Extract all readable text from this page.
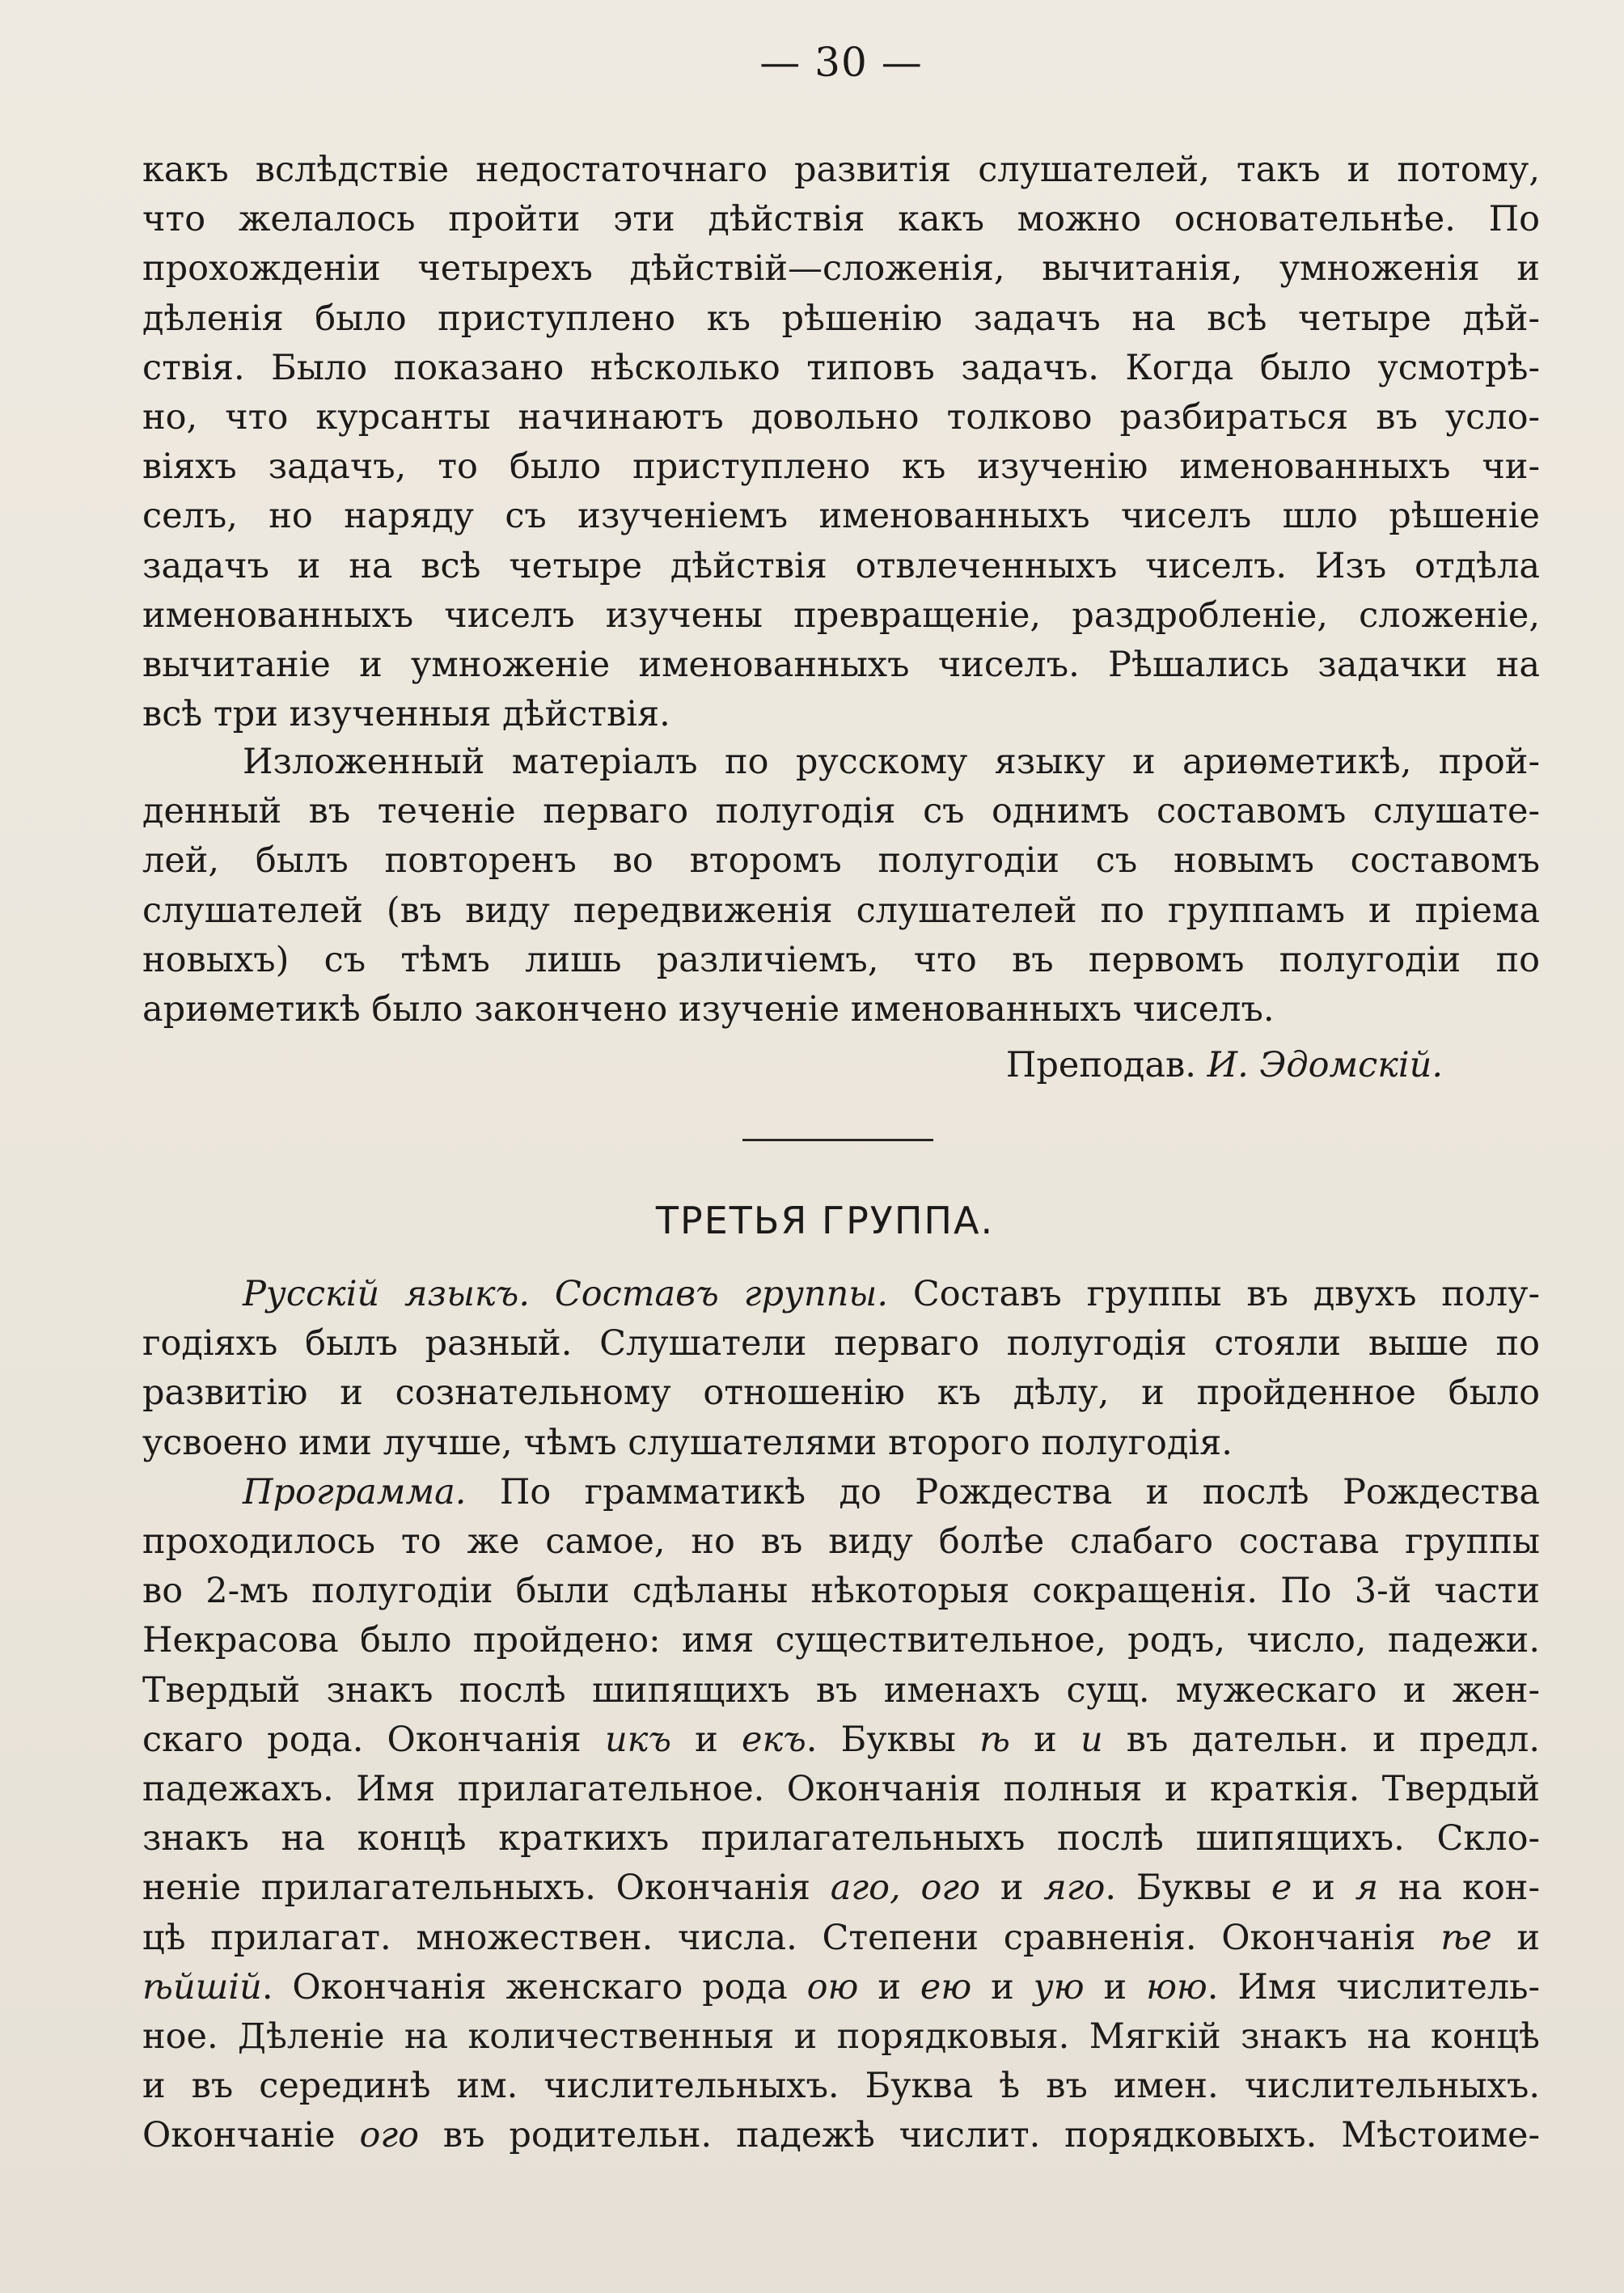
— 30 —
какъ вслѣдствіе недостаточнаго развитія слушателей, такъ и потому,
что желалось пройти эти дѣйствія какъ можно основательнѣе. По
прохожденіи четырехъ дѣйствій—сложенія, вычитанія, умноженія и
дѣленія было приступлено къ рѣшенію задачъ на всѣ четыре дѣй-
ствія. Было показано нѣсколько типовъ задачъ. Когда было усмотрѣ-
но, что курсанты начинаютъ довольно толково разбираться въ усло-
віяхъ задачъ, то было приступлено къ изученію именованныхъ чи-
селъ, но наряду съ изученіемъ именованныхъ чиселъ шло рѣшеніе
задачъ и на всѣ четыре дѣйствія отвлеченныхъ чиселъ. Изъ отдѣла
именованныхъ чиселъ изучены превращеніе, раздробленіе, сложеніе,
вычитаніе и умноженіе именованныхъ чиселъ. Рѣшались задачки на
всѣ три изученныя дѣйствія.
Изложенный матеріалъ по русскому языку и ариѳметикѣ, прой-
денный въ теченіе перваго полугодія съ однимъ составомъ слушате-
лей, былъ повторенъ во второмъ полугодіи съ новымъ составомъ
слушателей (въ виду передвиженія слушателей по группамъ и пріема
новыхъ) съ тѣмъ лишь различіемъ, что въ первомъ полугодіи по
ариѳметикѣ было закончено изученіе именованныхъ чиселъ.
Преподав. И. Эдомскій.
ТРЕТЬЯ ГРУППА.
Русскій языкъ. Составъ группы. Составъ группы въ двухъ полу-
годіяхъ былъ разный. Слушатели перваго полугодія стояли выше по
развитію и сознательному отношенію къ дѣлу, и пройденное было
усвоено ими лучше, чѣмъ слушателями второго полугодія.
Программа. По грамматикѣ до Рождества и послѣ Рождества
проходилось то же самое, но въ виду болѣе слабаго состава группы
во 2-мъ полугодіи были сдѣланы нѣкоторыя сокращенія. По 3-й части
Некрасова было пройдено: имя существительное, родъ, число, падежи.
Твердый знакъ послѣ шипящихъ въ именахъ сущ. мужескаго и жен-
скаго рода. Окончанія икъ и екъ. Буквы ѣ и и въ дательн. и предл.
падежахъ. Имя прилагательное. Окончанія полныя и краткія. Твердый
знакъ на концѣ краткихъ прилагательныхъ послѣ шипящихъ. Скло-
неніе прилагательныхъ. Окончанія аго, ого и яго. Буквы е и я на кон-
цѣ прилагат. множествен. числа. Степени сравненія. Окончанія ѣе и
ѣйшій. Окончанія женскаго рода ою и ею и ую и юю. Имя числитель-
ное. Дѣленіе на количественныя и порядковыя. Мягкій знакъ на концѣ
и въ серединѣ им. числительныхъ. Буква ѣ въ имен. числительныхъ.
Окончаніе ого въ родительн. падежѣ числит. порядковыхъ. Мѣстоиме-
